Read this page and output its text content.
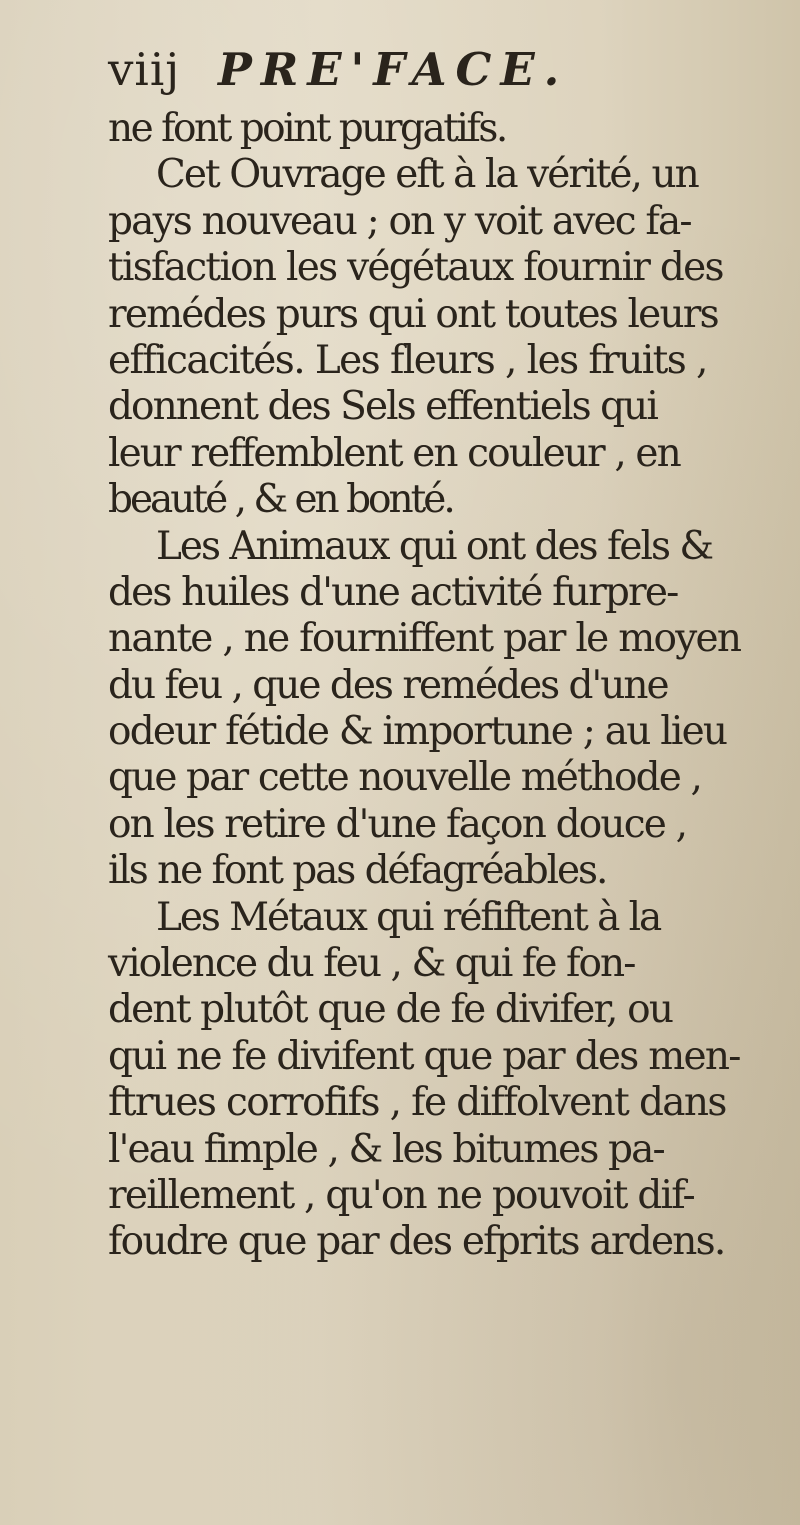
viij PRE'FACE.
ne font point purgatifs.
Cet Ouvrage eft à la vérité, un
pays nouveau ; on y voit avec fa-
tisfaction les végétaux fournir des
remédes purs qui ont toutes leurs
efficacités. Les fleurs , les fruits ,
donnent des Sels effentiels qui
leur reffemblent en couleur , en
beauté , & en bonté.
Les Animaux qui ont des fels &
des huiles d'une activité furpre-
nante , ne fourniffent par le moyen
du feu , que des remédes d'une
odeur fétide & importune ; au lieu
que par cette nouvelle méthode ,
on les retire d'une façon douce ,
ils ne font pas défagréables.
Les Métaux qui réfiftent à la
violence du feu , & qui fe fon-
dent plutôt que de fe divifer, ou
qui ne fe divifent que par des men-
ftrues corrofifs , fe diffolvent dans
l'eau fimple , & les bitumes pa-
reillement , qu'on ne pouvoit dif-
foudre que par des efprits ardens.
